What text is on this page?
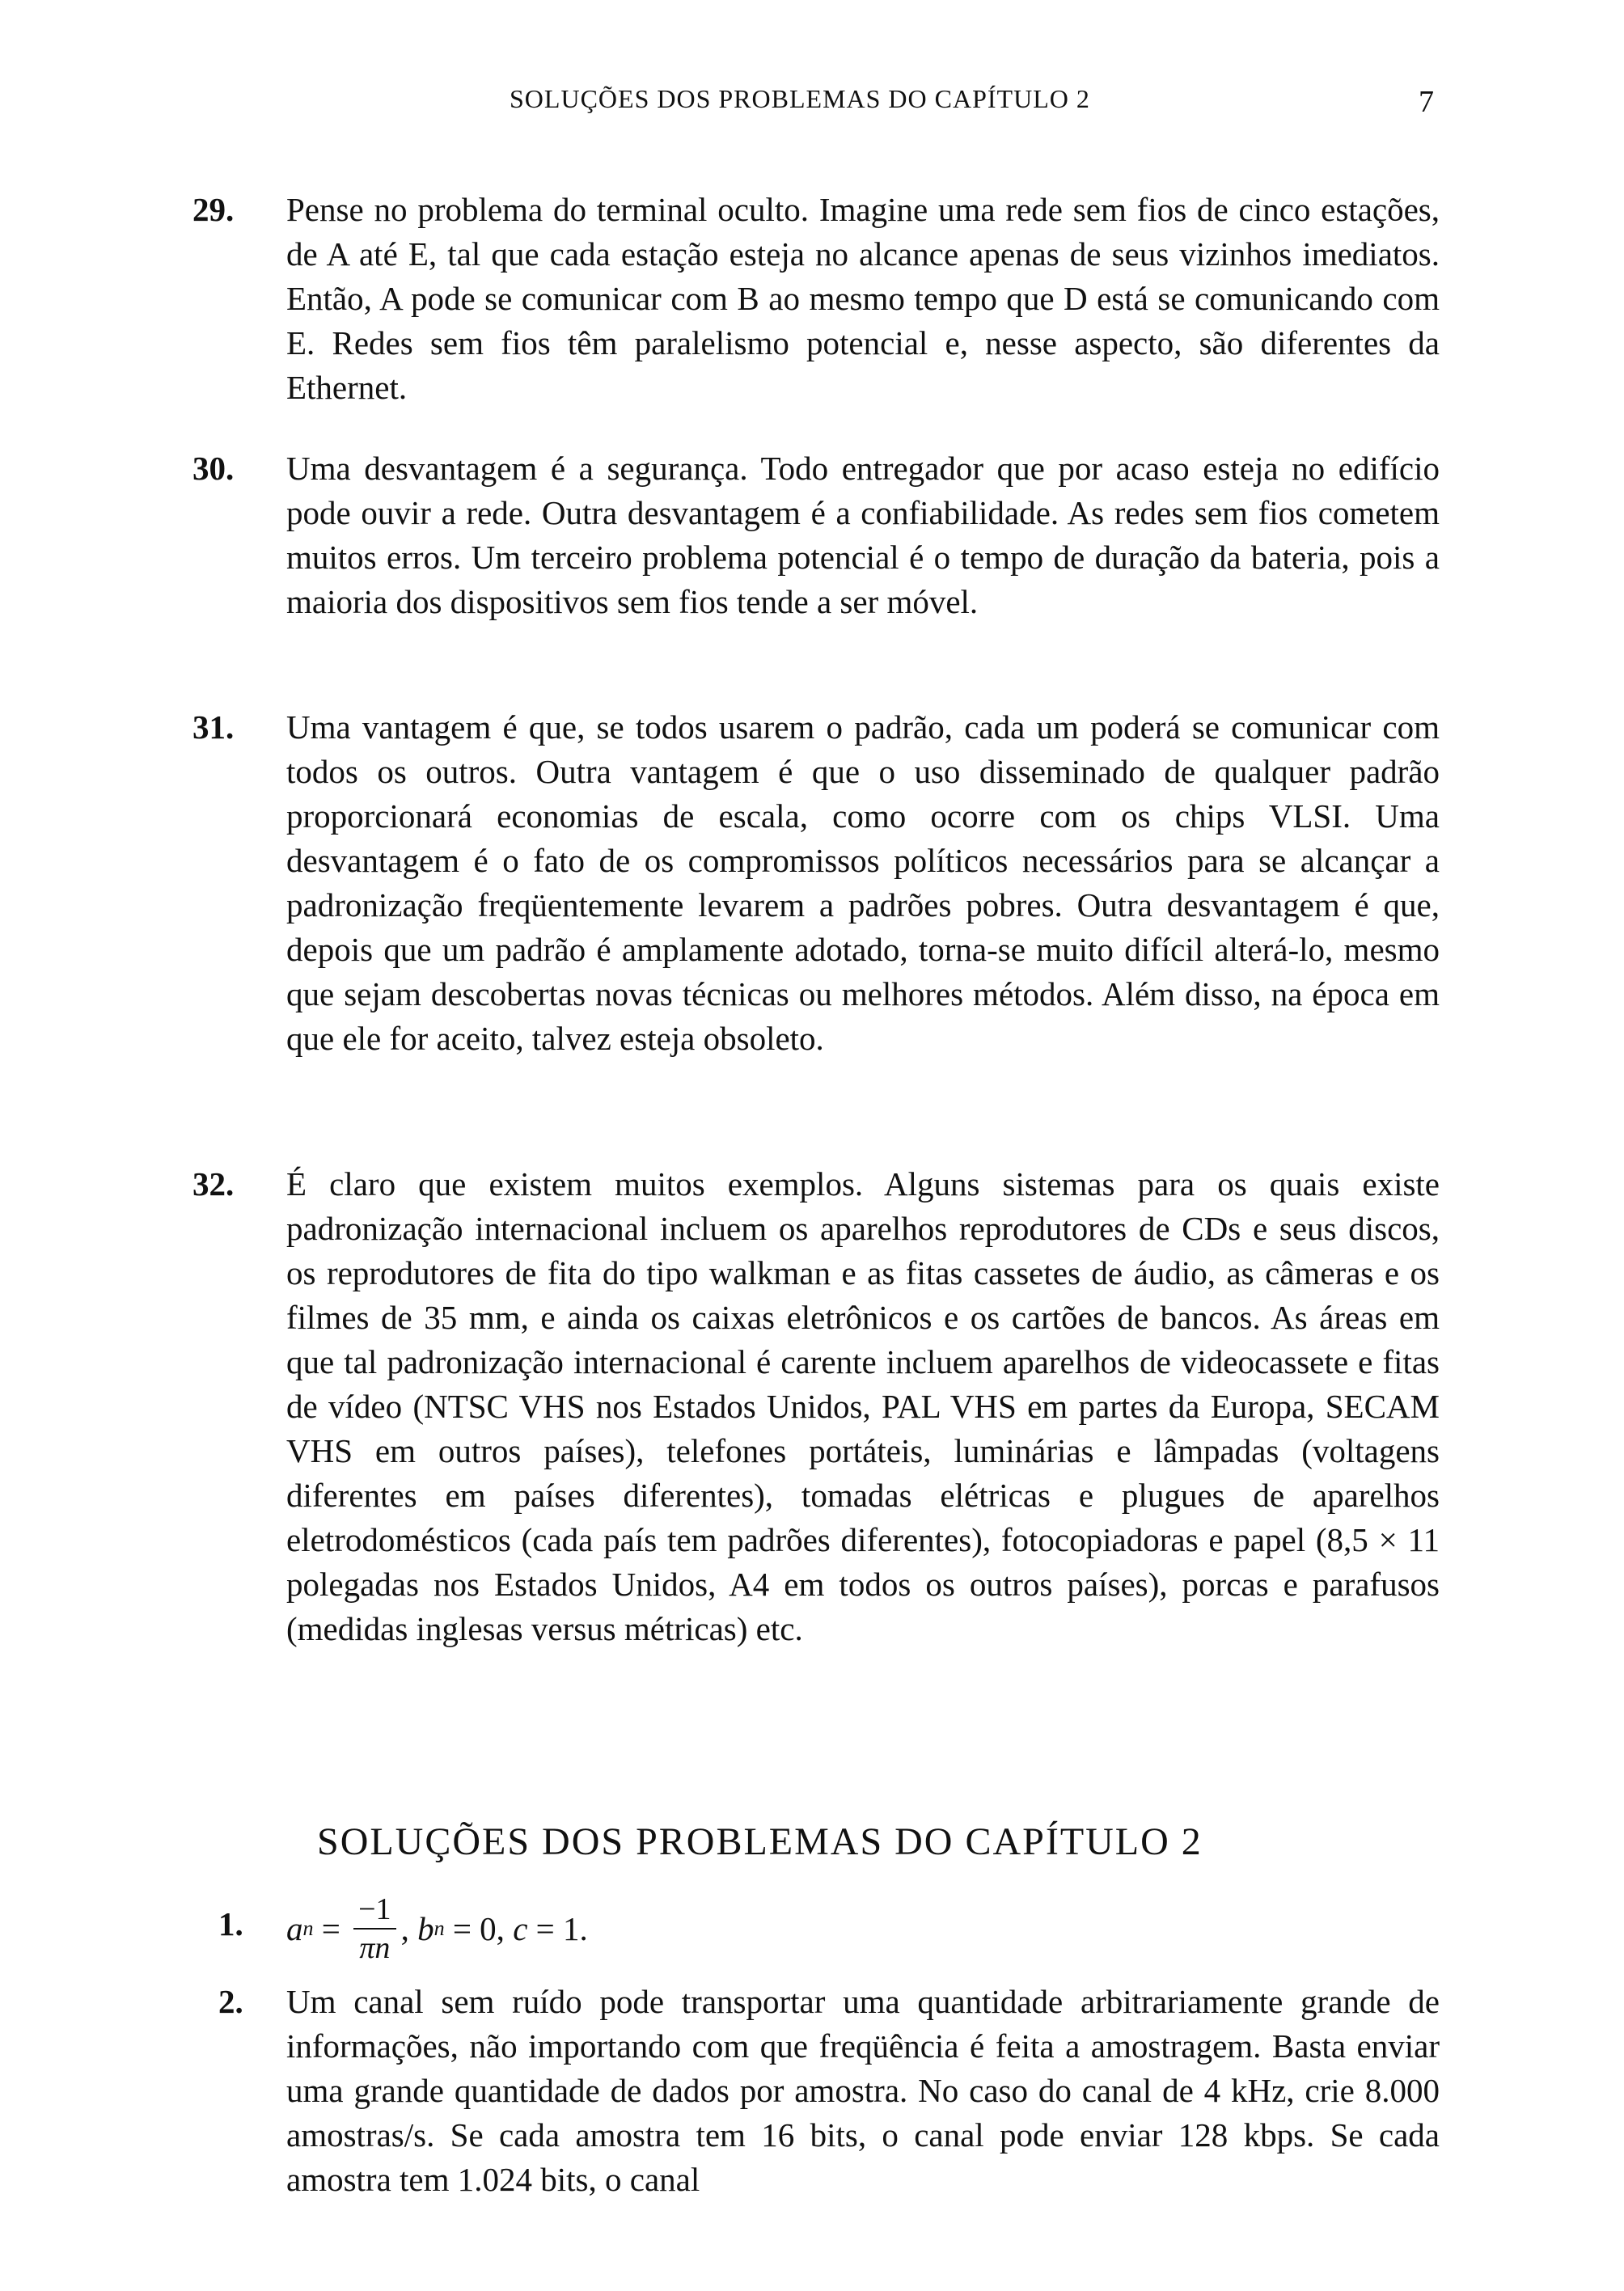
SOLUÇÕES DOS PROBLEMAS DO CAPÍTULO 2	7
29. Pense no problema do terminal oculto. Imagine uma rede sem fios de cinco estações, de A até E, tal que cada estação esteja no alcance apenas de seus vizinhos imediatos. Então, A pode se comunicar com B ao mesmo tempo que D está se comunicando com E. Redes sem fios têm paralelismo potencial e, nesse aspecto, são diferentes da Ethernet.

30. Uma desvantagem é a segurança. Todo entregador que por acaso esteja no edifício pode ouvir a rede. Outra desvantagem é a confiabilidade. As redes sem fios cometem muitos erros. Um terceiro problema potencial é o tempo de duração da bateria, pois a maioria dos dispositivos sem fios tende a ser móvel.

31. Uma vantagem é que, se todos usarem o padrão, cada um poderá se comunicar com todos os outros. Outra vantagem é que o uso disseminado de qualquer padrão proporcionará economias de escala, como ocorre com os chips VLSI. Uma desvantagem é o fato de os compromissos políticos necessários para se alcançar a padronização freqüentemente levarem a padrões pobres. Outra desvantagem é que, depois que um padrão é amplamente adotado, torna-se muito difícil alterá-lo, mesmo que sejam descobertas novas técnicas ou melhores métodos. Além disso, na época em que ele for aceito, talvez esteja obsoleto.

32. É claro que existem muitos exemplos. Alguns sistemas para os quais existe padronização internacional incluem os aparelhos reprodutores de CDs e seus discos, os reprodutores de fita do tipo walkman e as fitas cassetes de áudio, as câmeras e os filmes de 35 mm, e ainda os caixas eletrônicos e os cartões de bancos. As áreas em que tal padronização internacional é carente incluem aparelhos de videocassete e fitas de vídeo (NTSC VHS nos Estados Unidos, PAL VHS em partes da Europa, SECAM VHS em outros países), telefones portáteis, luminárias e lâmpadas (voltagens diferentes em países diferentes), tomadas elétricas e plugues de aparelhos eletrodomésticos (cada país tem padrões diferentes), fotocopiadoras e papel (8,5 × 11 polegadas nos Estados Unidos, A4 em todos os outros países), porcas e parafusos (medidas inglesas versus métricas) etc.

SOLUÇÕES DOS PROBLEMAS DO CAPÍTULO 2
1. a $n = \frac{-1}{\pi n}$ , b n = 0, c = 1.
2. Um canal sem ruído pode transportar uma quantidade arbitrariamente grande de informações, não importando com que freqüência é feita a amostragem. Basta enviar uma grande quantidade de dados por amostra. No caso do canal de 4 kHz, crie 8.000 amostras/s. Se cada amostra tem 16 bits, o canal pode enviar 128 kbps. Se cada amostra tem 1.024 bits, o canal
